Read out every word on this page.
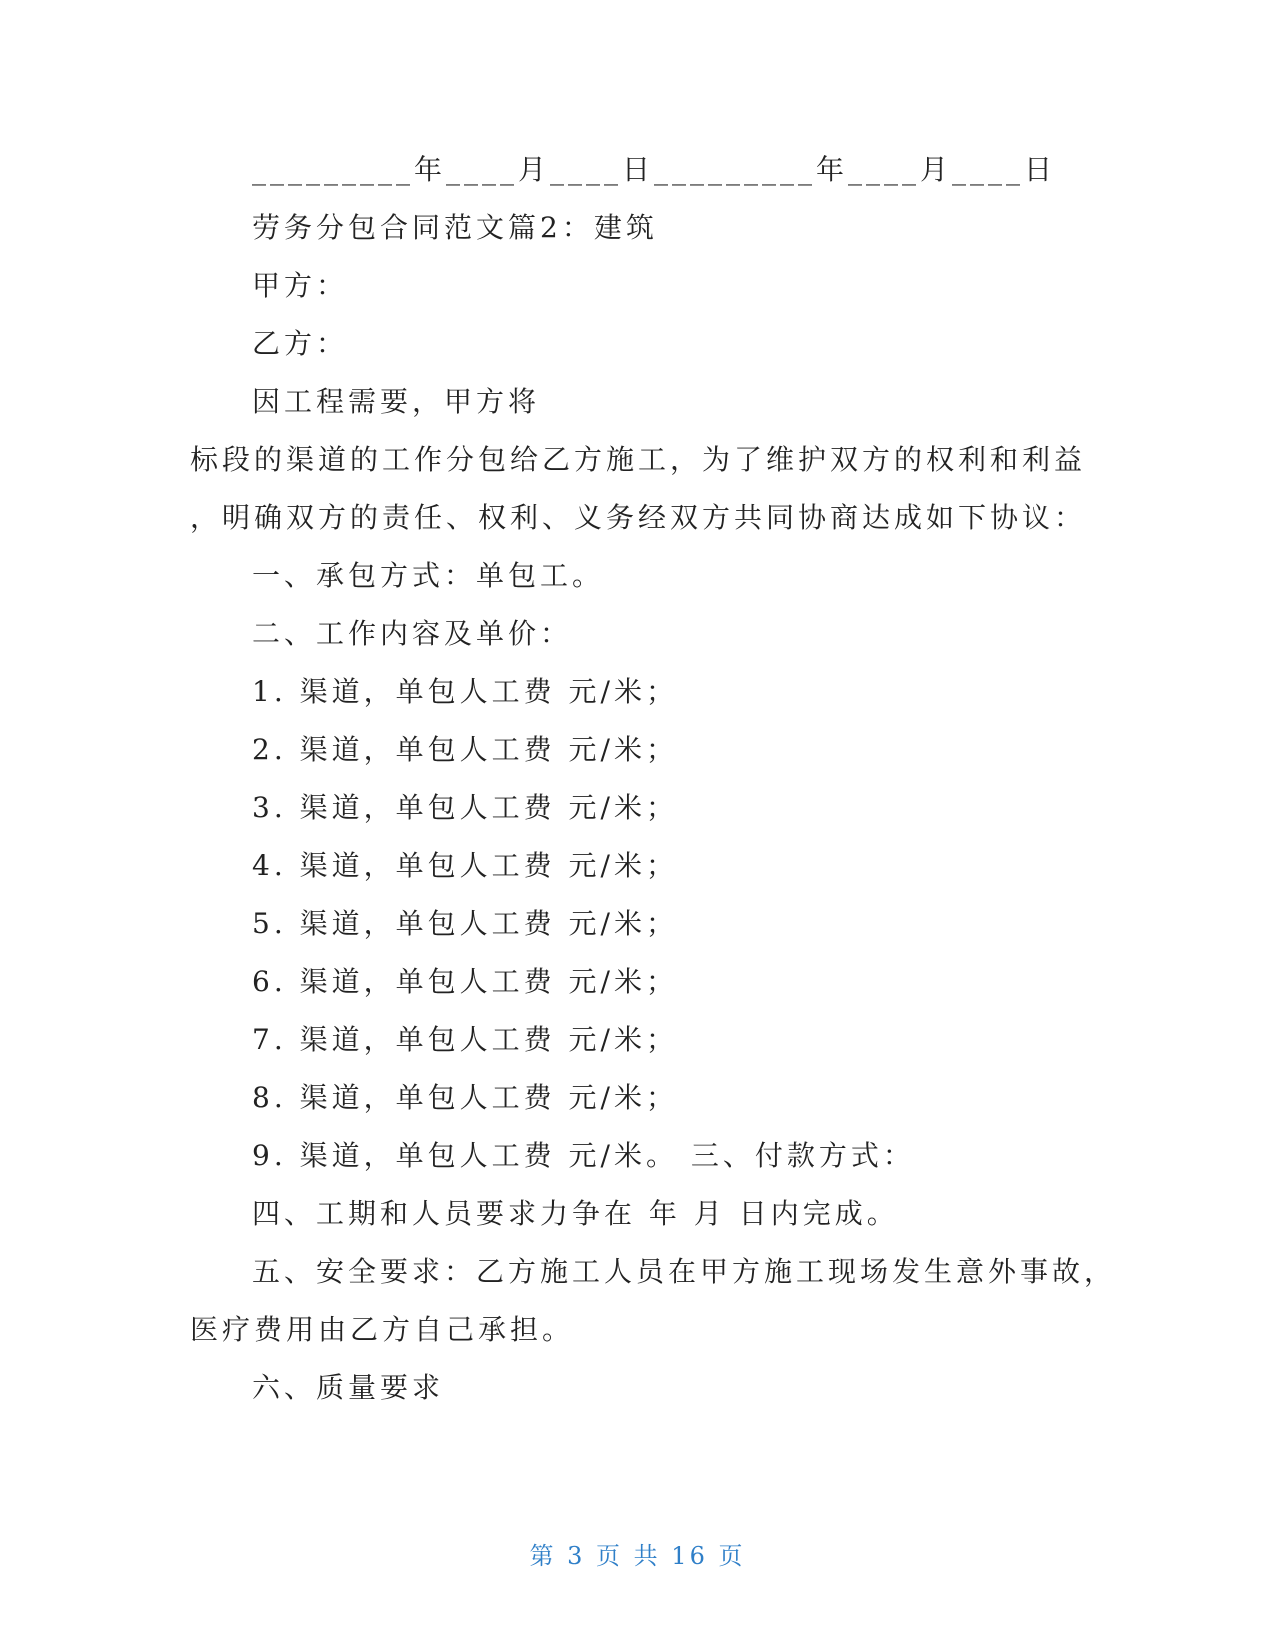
_________年____月____日_________年____月____日
劳务分包合同范文篇2：建筑
甲方：
乙方：
因工程需要，甲方将
标段的渠道的工作分包给乙方施工，为了维护双方的权利和利益
，明确双方的责任、权利、义务经双方共同协商达成如下协议：
一、承包方式：单包工。
二、工作内容及单价：
1. 渠道，单包人工费 元/米；
2. 渠道，单包人工费 元/米；
3. 渠道，单包人工费 元/米；
4. 渠道，单包人工费 元/米；
5. 渠道，单包人工费 元/米；
6. 渠道，单包人工费 元/米；
7. 渠道，单包人工费 元/米；
8. 渠道，单包人工费 元/米；
9. 渠道，单包人工费 元/米。 三、付款方式：
四、工期和人员要求力争在 年 月 日内完成。
五、安全要求：乙方施工人员在甲方施工现场发生意外事故，
医疗费用由乙方自己承担。
六、质量要求
第 3 页 共 16 页
